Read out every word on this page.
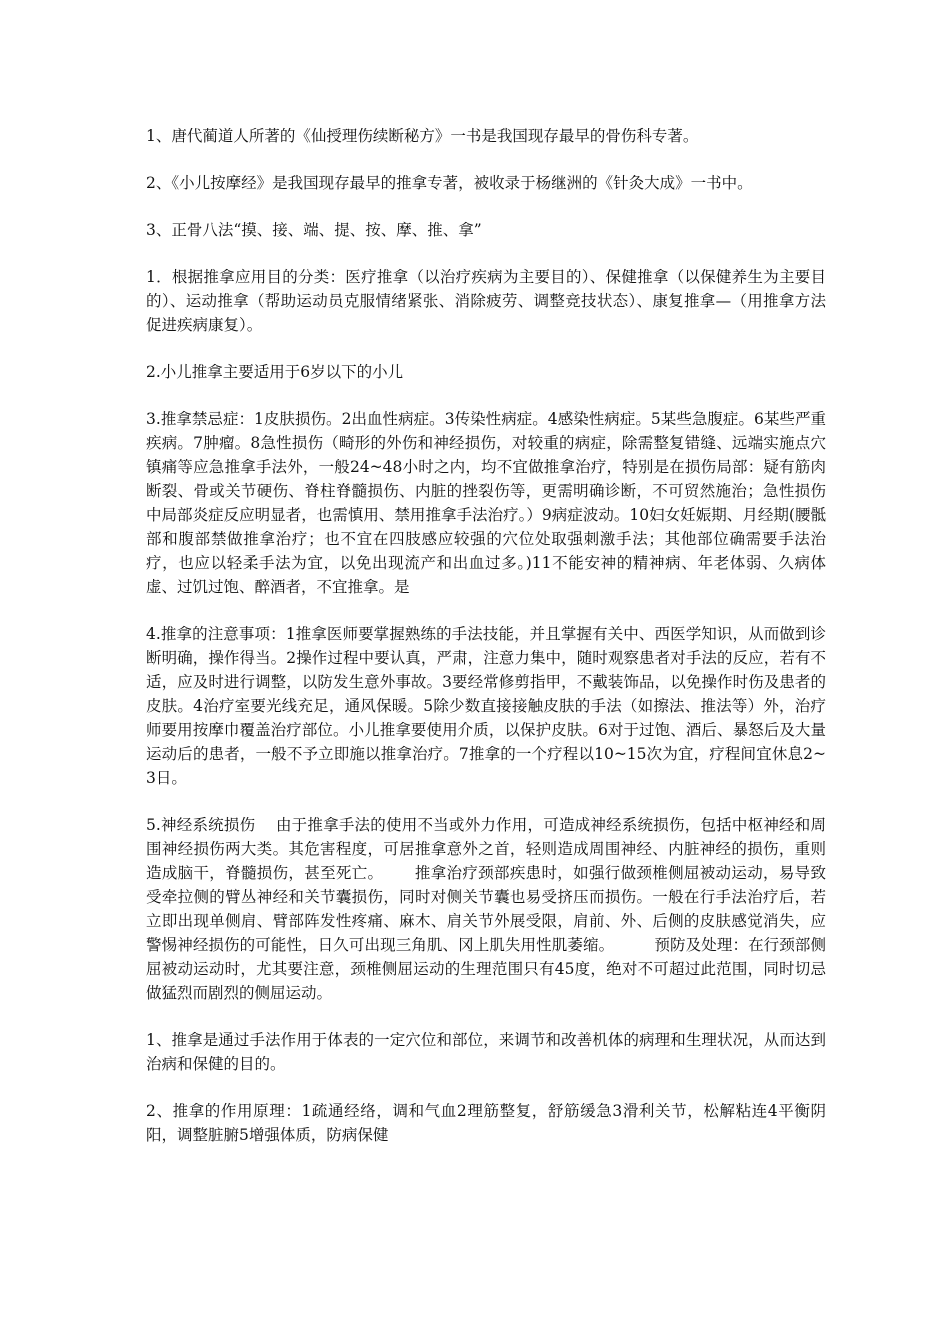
1、唐代蔺道人所著的《仙授理伤续断秘方》一书是我国现存最早的骨伤科专著。

2、《小儿按摩经》是我国现存最早的推拿专著，被收录于杨继洲的《针灸大成》一书中。

3、正骨八法“摸、接、端、提、按、摩、推、拿”

1．根据推拿应用目的分类：医疗推拿（以治疗疾病为主要目的）、保健推拿（以保健养生为主要目的）、运动推拿（帮助运动员克服情绪紧张、消除疲劳、调整竞技状态）、康复推拿—（用推拿方法促进疾病康复）。

2.小儿推拿主要适用于6岁以下的小儿

3.推拿禁忌症：1皮肤损伤。2出血性病症。3传染性病症。4感染性病症。5某些急腹症。6某些严重疾病。7肿瘤。8急性损伤（畸形的外伤和神经损伤，对较重的病症，除需整复错缝、远端实施点穴镇痛等应急推拿手法外，一般24~48小时之内，均不宜做推拿治疗，特别是在损伤局部：疑有筋肉断裂、骨或关节硬伤、脊柱脊髓损伤、内脏的挫裂伤等，更需明确诊断，不可贸然施治；急性损伤中局部炎症反应明显者，也需慎用、禁用推拿手法治疗。）9病症波动。10妇女妊娠期、月经期(腰骶部和腹部禁做推拿治疗；也不宜在四肢感应较强的穴位处取强刺激手法；其他部位确需要手法治疗，也应以轻柔手法为宜，以免出现流产和出血过多。)11不能安神的精神病、年老体弱、久病体虚、过饥过饱、醉酒者，不宜推拿。是

4.推拿的注意事项：1推拿医师要掌握熟练的手法技能，并且掌握有关中、西医学知识，从而做到诊断明确，操作得当。2操作过程中要认真，严肃，注意力集中，随时观察患者对手法的反应，若有不适，应及时进行调整，以防发生意外事故。3要经常修剪指甲，不戴装饰品，以免操作时伤及患者的皮肤。4治疗室要光线充足，通风保暖。5除少数直接接触皮肤的手法（如擦法、推法等）外，治疗师要用按摩巾覆盖治疗部位。小儿推拿要使用介质，以保护皮肤。6对于过饱、酒后、暴怒后及大量运动后的患者，一般不予立即施以推拿治疗。7推拿的一个疗程以10~15次为宜，疗程间宜休息2~3日。

5.神经系统损伤    由于推拿手法的使用不当或外力作用，可造成神经系统损伤，包括中枢神经和周围神经损伤两大类。其危害程度，可居推拿意外之首，轻则造成周围神经、内脏神经的损伤，重则造成脑干，脊髓损伤，甚至死亡。      推拿治疗颈部疾患时，如强行做颈椎侧屈被动运动，易导致受牵拉侧的臂丛神经和关节囊损伤，同时对侧关节囊也易受挤压而损伤。一般在行手法治疗后，若立即出现单侧肩、臂部阵发性疼痛、麻木、肩关节外展受限，肩前、外、后侧的皮肤感觉消失，应警惕神经损伤的可能性，日久可出现三角肌、冈上肌失用性肌萎缩。        预防及处理：在行颈部侧屈被动运动时，尤其要注意，颈椎侧屈运动的生理范围只有45度，绝对不可超过此范围，同时切忌做猛烈而剧烈的侧屈运动。

1、推拿是通过手法作用于体表的一定穴位和部位，来调节和改善机体的病理和生理状况，从而达到治病和保健的目的。

2、推拿的作用原理：1疏通经络，调和气血2理筋整复，舒筋缓急3滑利关节，松解粘连4平衡阴阳，调整脏腑5增强体质，防病保健
